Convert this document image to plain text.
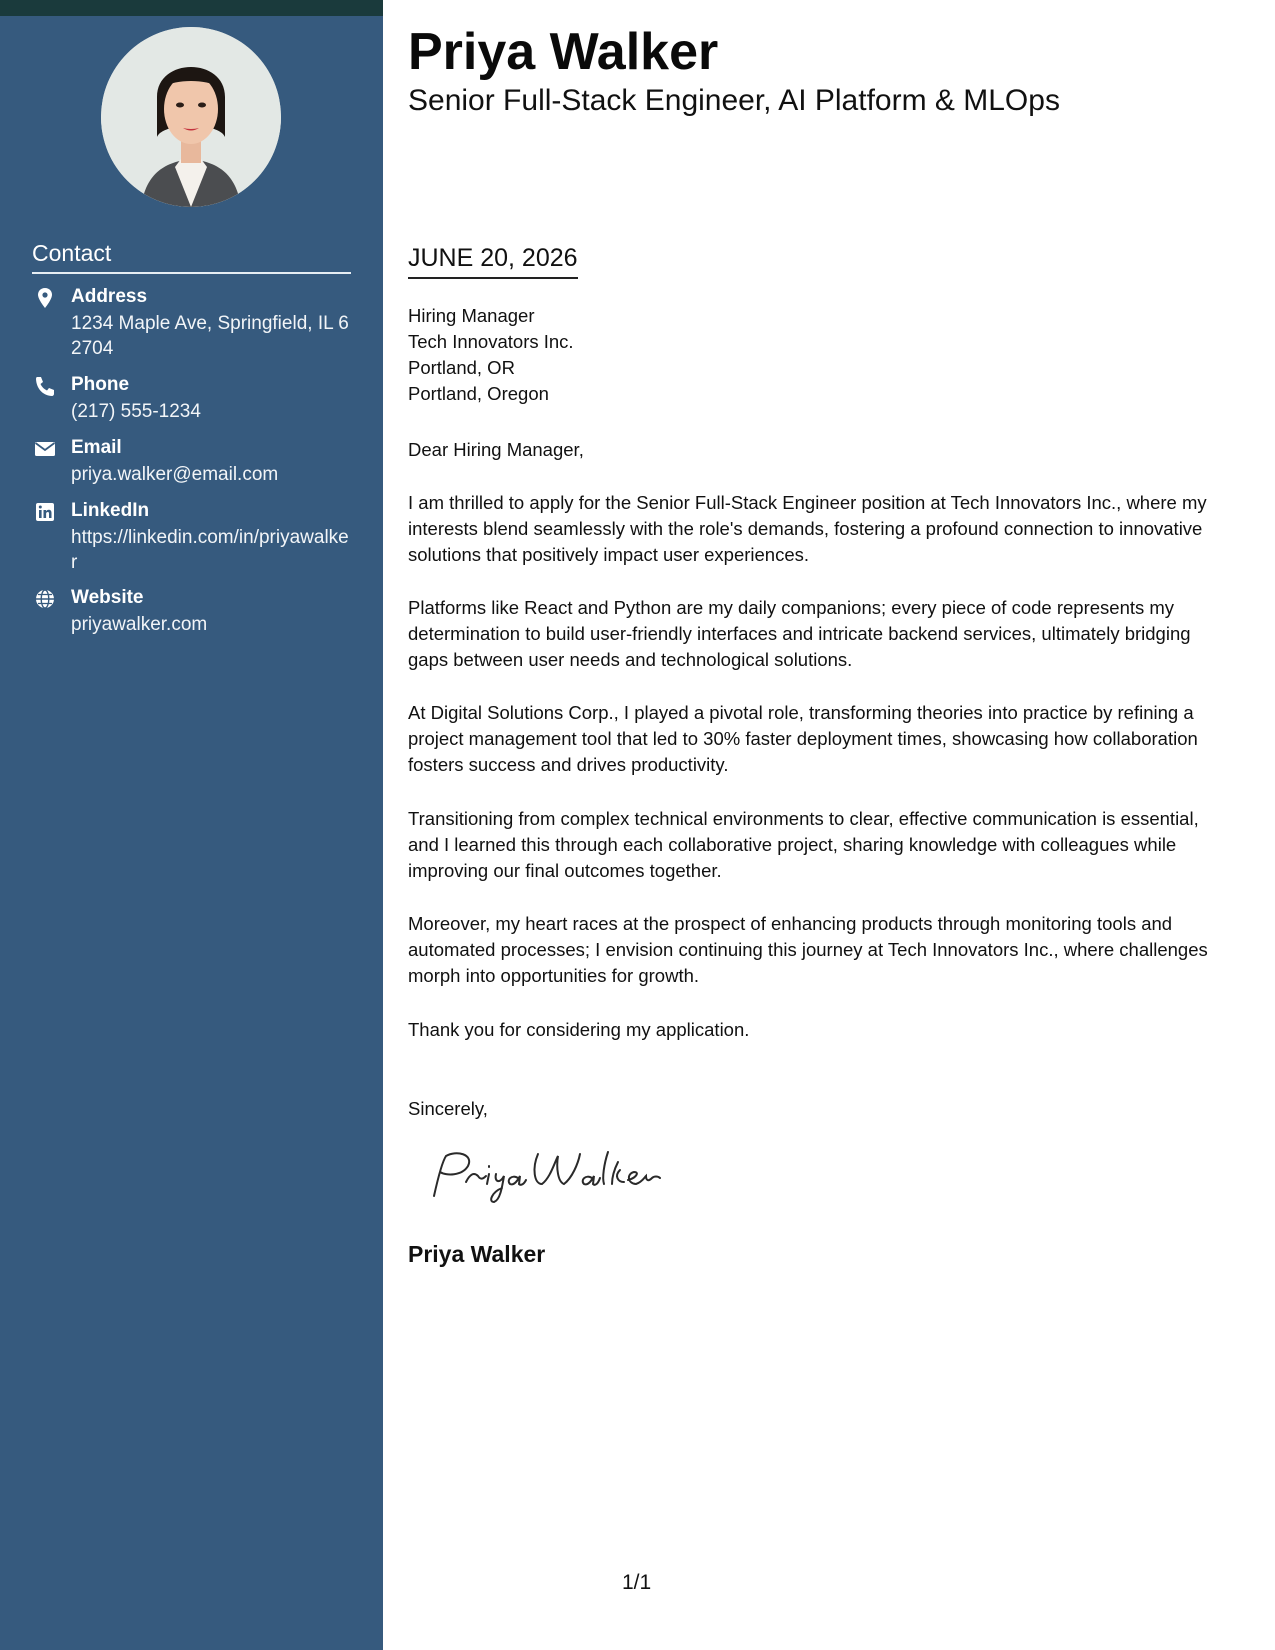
Contact
Address
1234 Maple Ave, Springfield, IL 62704
Phone
(217) 555-1234
Email
priya.walker@email.com
LinkedIn
https://linkedin.com/in/priyawalker
Website
priyawalker.com
Priya Walker
Senior Full-Stack Engineer, AI Platform & MLOps
JUNE 20, 2026
Hiring Manager
Tech Innovators Inc.
Portland, OR
Portland, Oregon

Dear Hiring Manager,

I am thrilled to apply for the Senior Full-Stack Engineer position at Tech Innovators Inc., where my interests blend seamlessly with the role's demands, fostering a profound connection to innovative solutions that positively impact user experiences.

Platforms like React and Python are my daily companions; every piece of code represents my determination to build user-friendly interfaces and intricate backend services, ultimately bridging gaps between user needs and technological solutions.

At Digital Solutions Corp., I played a pivotal role, transforming theories into practice by refining a project management tool that led to 30% faster deployment times, showcasing how collaboration fosters success and drives productivity.

Transitioning from complex technical environments to clear, effective communication is essential, and I learned this through each collaborative project, sharing knowledge with colleagues while improving our final outcomes together.

Moreover, my heart races at the prospect of enhancing products through monitoring tools and automated processes; I envision continuing this journey at Tech Innovators Inc., where challenges morph into opportunities for growth.

Thank you for considering my application.

Sincerely,

Priya Walker
1/1
